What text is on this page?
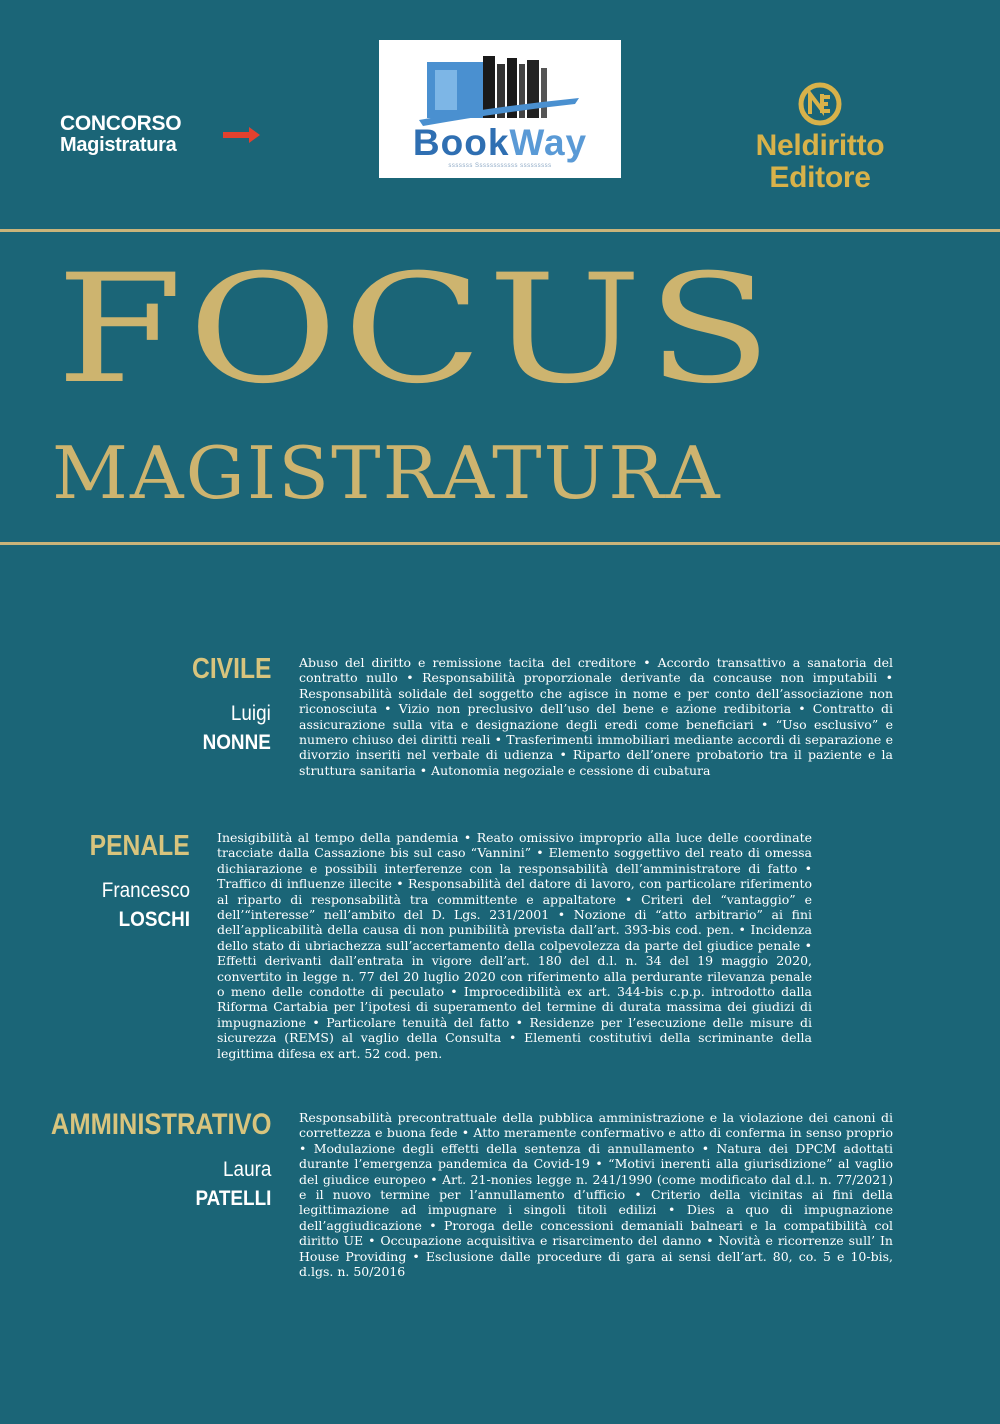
CONCORSO
Magistratura	BookWay
sssssss Ssssssssssss sssssssss
Neldiritto
Editore
FOCUS
MAGISTRATURA
CIVILE
Luigi
NONNE

Abuso del diritto e remissione tacita del creditore • Accordo transattivo a sanatoria del contratto nullo • Responsabilità proporzionale derivante da concause non imputabili • Responsabilità solidale del soggetto che agisce in nome e per conto dell’associazione non riconosciuta • Vizio non preclusivo dell’uso del bene e azione redibitoria • Contratto di assicurazione sulla vita e designazione degli eredi come beneficiari • “Uso esclusivo” e numero chiuso dei diritti reali • Trasferimenti immobiliari mediante accordi di separazione e divorzio inseriti nel verbale di udienza • Riparto dell’onere probatorio tra il paziente e la struttura sanitaria • Autonomia negoziale e cessione di cubatura

PENALE
Francesco
LOSCHI

Inesigibilità al tempo della pandemia • Reato omissivo improprio alla luce delle coordinate tracciate dalla Cassazione bis sul caso “Vannini” • Elemento soggettivo del reato di omessa dichiarazione e possibili interferenze con la responsabilità dell’amministratore di fatto • Traffico di influenze illecite • Responsabilità del datore di lavoro, con particolare riferimento al riparto di responsabilità tra committente e appaltatore • Criteri del “vantaggio” e dell’“interesse” nell’ambito del D. Lgs. 231/2001 • Nozione di “atto arbitrario” ai fini dell’applicabilità della causa di non punibilità prevista dall’art. 393-bis cod. pen. • Incidenza dello stato di ubriachezza sull’accertamento della colpevolezza da parte del giudice penale • Effetti derivanti dall’entrata in vigore dell’art. 180 del d.l. n. 34 del 19 maggio 2020, convertito in legge n. 77 del 20 luglio 2020 con riferimento alla perdurante rilevanza penale o meno delle condotte di peculato • Improcedibilità ex art. 344-bis c.p.p. introdotto dalla Riforma Cartabia per l’ipotesi di superamento del termine di durata massima dei giudizi di impugnazione • Particolare tenuità del fatto • Residenze per l’esecuzione delle misure di sicurezza (REMS) al vaglio della Consulta • Elementi costitutivi della scriminante della legittima difesa ex art. 52 cod. pen.

AMMINISTRATIVO
Laura
PATELLI

Responsabilità precontrattuale della pubblica amministrazione e la violazione dei canoni di correttezza e buona fede • Atto meramente confermativo e atto di conferma in senso proprio • Modulazione degli effetti della sentenza di annullamento • Natura dei DPCM adottati durante l’emergenza pandemica da Covid-19 • “Motivi inerenti alla giurisdizione” al vaglio del giudice europeo • Art. 21-nonies legge n. 241/1990 (come modificato dal d.l. n. 77/2021) e il nuovo termine per l’annullamento d’ufficio • Criterio della vicinitas ai fini della legittimazione ad impugnare i singoli titoli edilizi • Dies a quo di impugnazione dell’aggiudicazione • Proroga delle concessioni demaniali balneari e la compatibilità col diritto UE • Occupazione acquisitiva e risarcimento del danno • Novità e ricorrenze sull’ In House Providing • Esclusione dalle procedure di gara ai sensi dell’art. 80, co. 5 e 10-bis, d.lgs. n. 50/2016
